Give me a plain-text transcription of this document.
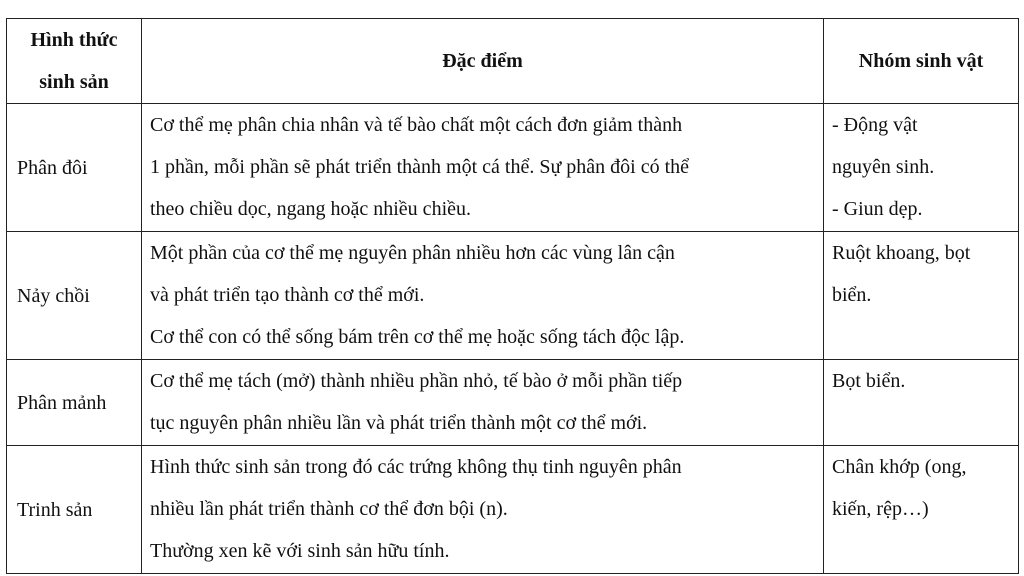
Hình thức
sinh sản	Đặc điểm	Nhóm sinh vật
Phân đôi	Cơ thể mẹ phân chia nhân và tế bào chất một cách đơn giảm thành
1 phần, mỗi phần sẽ phát triển thành một cá thể. Sự phân đôi có thể
theo chiều dọc, ngang hoặc nhiều chiều.	- Động vật
nguyên sinh.
- Giun dẹp.

Nảy chồi	Một phần của cơ thể mẹ nguyên phân nhiều hơn các vùng lân cận
và phát triển tạo thành cơ thể mới.
Cơ thể con có thể sống bám trên cơ thể mẹ hoặc sống tách độc lập.	Ruột khoang, bọt
biển.

Phân mảnh	Cơ thể mẹ tách (mở) thành nhiều phần nhỏ, tế bào ở mỗi phần tiếp
tục nguyên phân nhiều lần và phát triển thành một cơ thể mới.	Bọt biển.

Trinh sản	Hình thức sinh sản trong đó các trứng không thụ tinh nguyên phân
nhiều lần phát triển thành cơ thể đơn bội (n).
Thường xen kẽ với sinh sản hữu tính.	Chân khớp (ong,
kiến, rệp…)
